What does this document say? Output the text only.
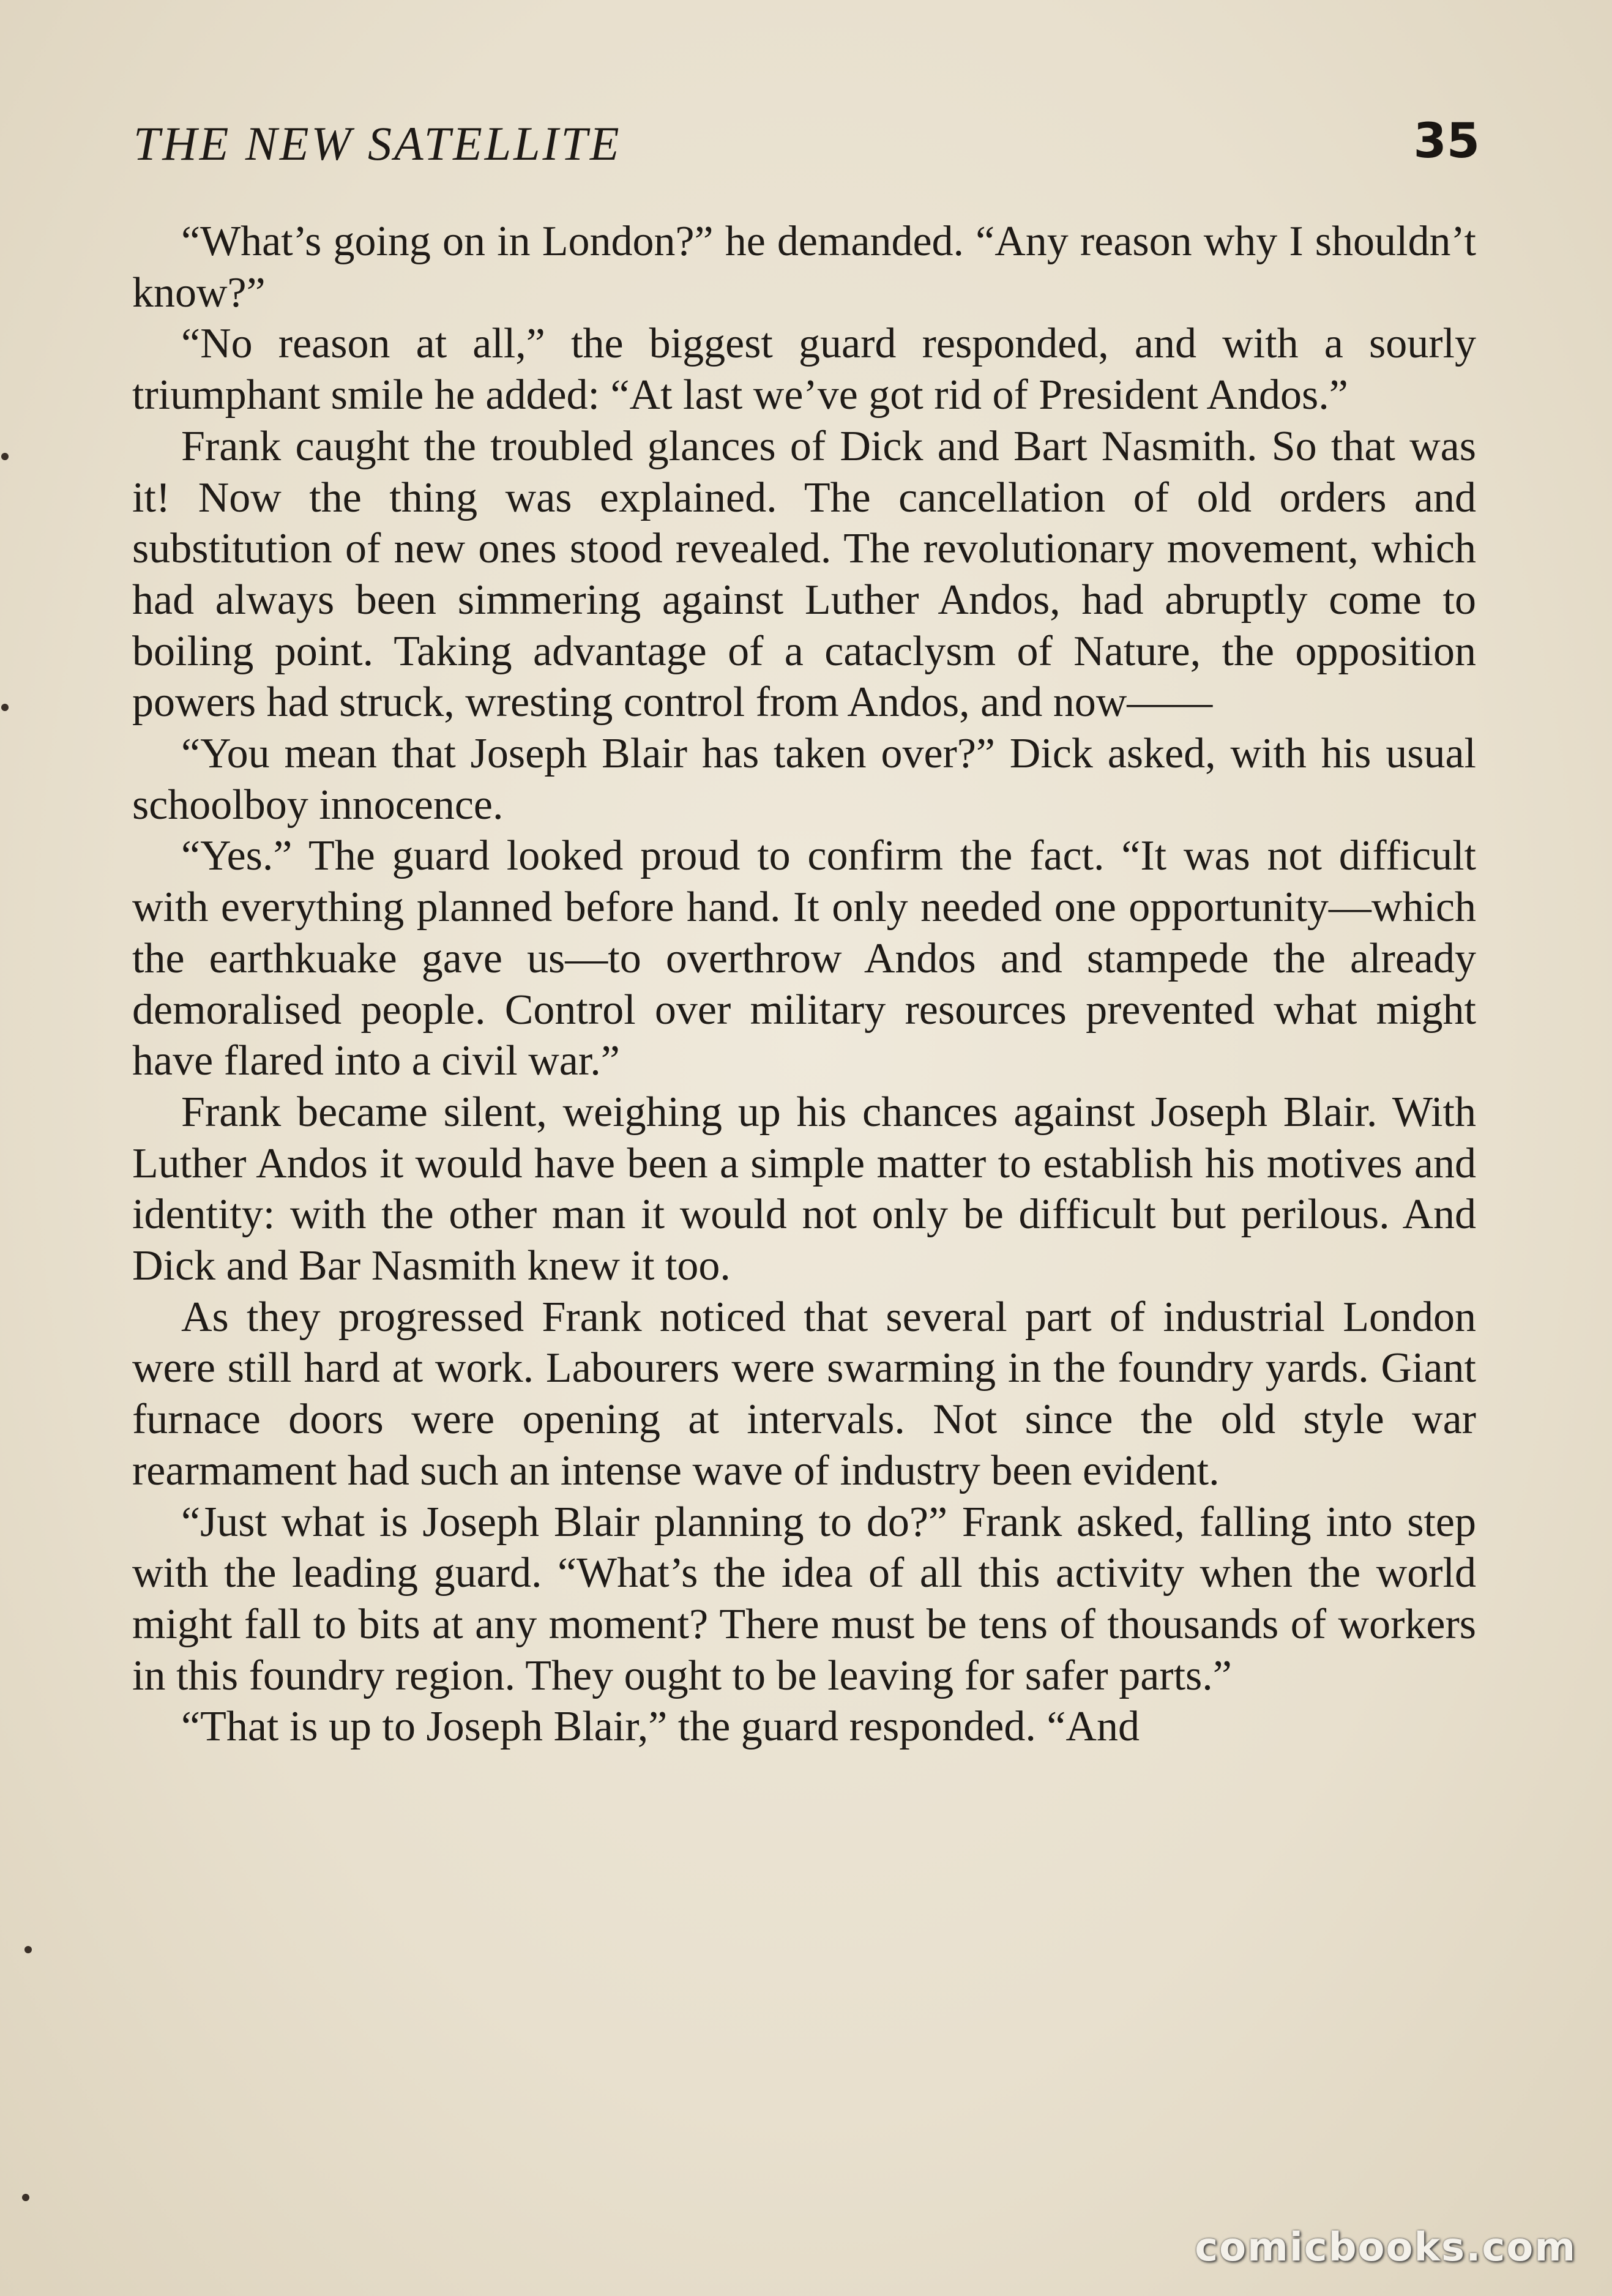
THE NEW SATELLITE	35

“What’s going on in London?” he demanded. “Any reason why I shouldn’t know?”

“No reason at all,” the biggest guard responded, and with a sourly triumphant smile he added: “At last we’ve got rid of President Andos.”

Frank caught the troubled glances of Dick and Bart Nasmith. So that was it! Now the thing was explained. The cancellation of old orders and substitution of new ones stood revealed. The revolutionary movement, which had always been simmering against Luther Andos, had abruptly come to boiling point. Taking advantage of a cataclysm of Nature, the opposition powers had struck, wresting control from Andos, and now——

“You mean that Joseph Blair has taken over?” Dick asked, with his usual schoolboy innocence.

“Yes.” The guard looked proud to confirm the fact. “It was not difficult with everything planned before hand. It only needed one opportunity—which the earthkuake gave us—to overthrow Andos and stampede the already demoralised people. Control over military resources prevented what might have flared into a civil war.”

Frank became silent, weighing up his chances against Joseph Blair. With Luther Andos it would have been a simple matter to establish his motives and identity: with the other man it would not only be difficult but perilous. And Dick and Bar Nasmith knew it too.

As they progressed Frank noticed that several part of industrial London were still hard at work. Labourers were swarming in the foundry yards. Giant furnace doors were opening at intervals. Not since the old style war rearmament had such an intense wave of industry been evident.

“Just what is Joseph Blair planning to do?” Frank asked, falling into step with the leading guard. “What’s the idea of all this activity when the world might fall to bits at any moment? There must be tens of thousands of workers in this foundry region. They ought to be leaving for safer parts.”

“That is up to Joseph Blair,” the guard responded. “And

comicbooks.com
